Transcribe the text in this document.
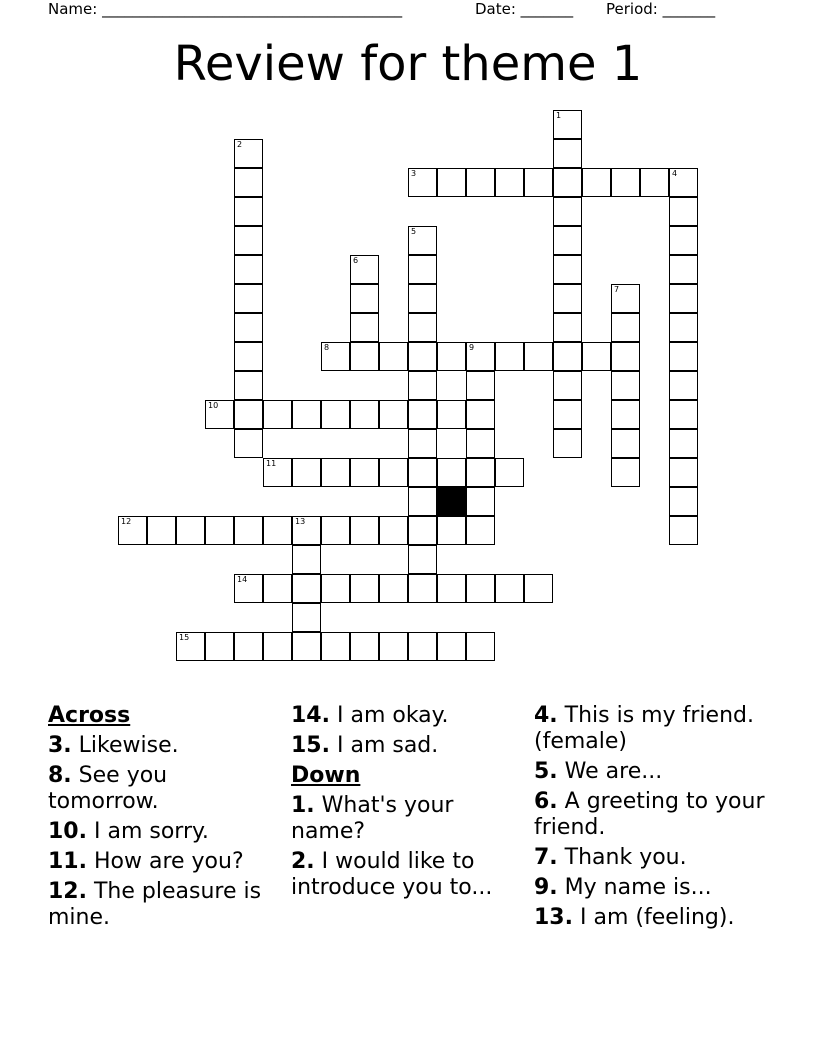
Name: ________________________________________

	Date: _______

Period: _______

Review for theme 1
3	4
8	9
10
11
12	13
14
15
1
2
5
6
7
Across
3. Likewise.
8. See you tomorrow.
10. I am sorry.
11. How are you?
12. The pleasure is mine.
14. I am okay.
15. I am sad.
Down
1. What's your name?
2. I would like to introduce you to...
4. This is my friend. (female)
5. We are...
6. A greeting to your friend.
7. Thank you.
9. My name is...
13. I am (feeling).
